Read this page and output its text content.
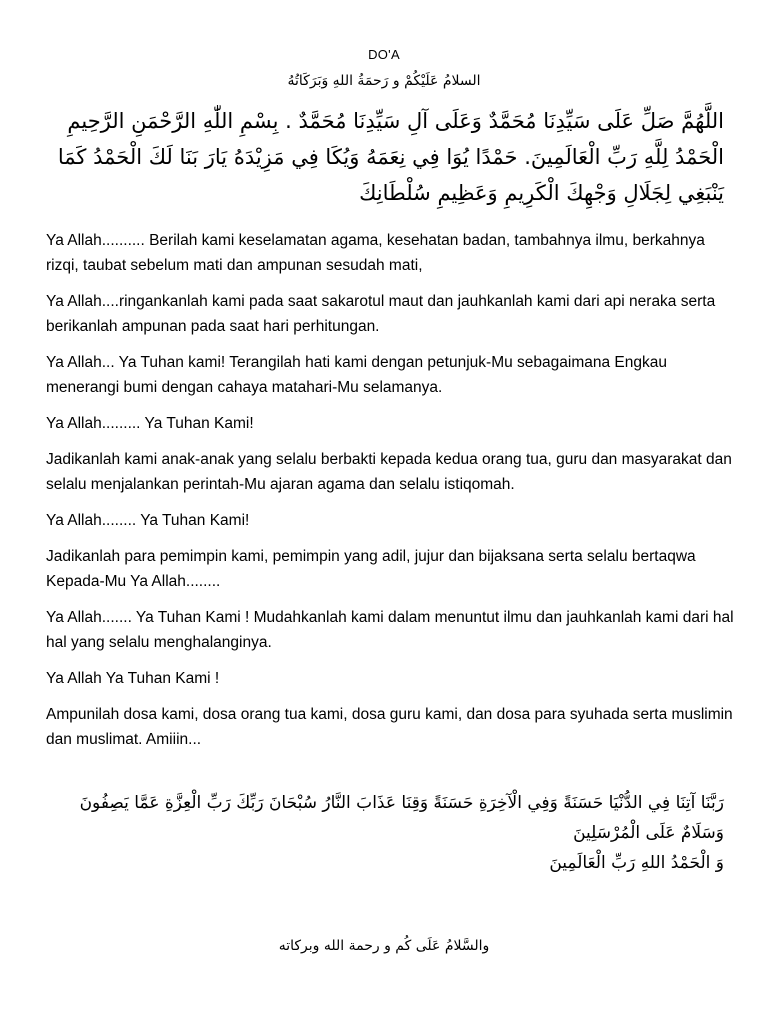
DO'A
السلامُ عَلَيْكُمْ و رَحمَةُ اللهِ وَبَرَكَاتُهُ

اللَّهُمَّ صَلِّ عَلَى سَيِّدِنَا مُحَمَّدٌ وَعَلَى آلِ سَيِّدِنَا مُحَمَّدٌ . بِسْمِ اللّٰهِ الرَّحْمَنِ الرَّحِيمِ الْحَمْدُ لِلَّهِ رَبِّ الْعَالَمِينَ. حَمْدًا يُوَا فِي نِعَمَهُ وَيُكَا فِي مَزِيْدَهُ يَارَ بَنَا لَكَ الْحَمْدُ كَمَا يَنْبَغِي لِجَلَالِ وَجْهِكَ الْكَرِيمِ وَعَظِيمِ سُلْطَانِكَ

Ya Allah.......... Berilah kami keselamatan agama, kesehatan badan, tambahnya ilmu, berkahnya rizqi, taubat sebelum mati dan ampunan sesudah mati,

Ya Allah....ringankanlah kami pada saat sakarotul maut dan jauhkanlah kami dari api neraka serta berikanlah ampunan pada saat hari perhitungan.

Ya Allah... Ya Tuhan kami! Terangilah hati kami dengan petunjuk-Mu sebagaimana Engkau menerangi bumi dengan cahaya matahari-Mu selamanya.

Ya Allah......... Ya Tuhan Kami!

Jadikanlah kami anak-anak yang selalu berbakti kepada kedua orang tua, guru dan masyarakat dan selalu menjalankan perintah-Mu ajaran agama dan selalu istiqomah.

Ya Allah........ Ya Tuhan Kami!

Jadikanlah para pemimpin kami, pemimpin yang adil, jujur dan bijaksana serta selalu bertaqwa Kepada-Mu Ya Allah........

Ya Allah....... Ya Tuhan Kami ! Mudahkanlah kami dalam menuntut ilmu dan jauhkanlah kami dari hal hal yang selalu menghalanginya.

Ya Allah Ya Tuhan Kami !

Ampunilah dosa kami, dosa orang tua kami, dosa guru kami, dan dosa para syuhada serta muslimin dan muslimat. Amiiin...

رَبَّنَا آتِنَا فِي الدُّنْيَا حَسَنَةً وَفِي الْآخِرَةِ حَسَنَةً وَقِنَا عَذَابَ النَّارُ سُبْحَانَ رَبِّكَ رَبِّ الْعِزَّةِ عَمَّا يَصِفُونَ وَسَلَامٌ عَلَى الْمُرْسَلِينَ
وَ الْحَمْدُ اللهِ رَبِّ الْعَالَمِينَ
والسَّلامُ عَلَى كُم و رحمة الله وبركاته
